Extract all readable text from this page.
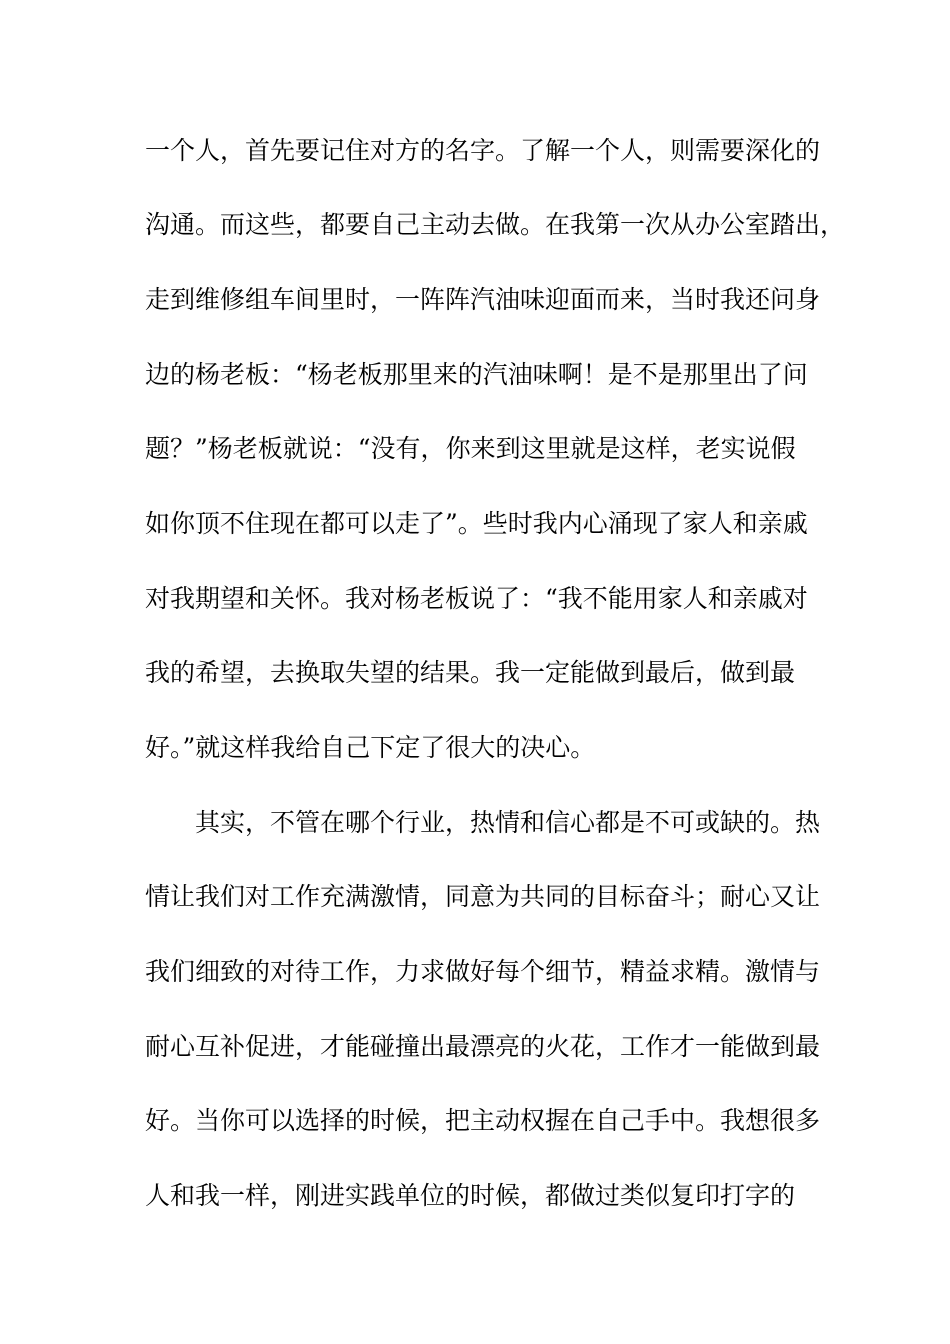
一个人，首先要记住对方的名字。了解一个人，则需要深化的
沟通。而这些，都要自己主动去做。在我第一次从办公室踏出，
走到维修组车间里时，一阵阵汽油味迎面而来，当时我还问身
边的杨老板：“杨老板那里来的汽油味啊！是不是那里出了问
题？”杨老板就说：“没有，你来到这里就是这样，老实说假
如你顶不住现在都可以走了”。些时我内心涌现了家人和亲戚
对我期望和关怀。我对杨老板说了：“我不能用家人和亲戚对
我的希望，去换取失望的结果。我一定能做到最后，做到最
好。”就这样我给自己下定了很大的决心。
其实，不管在哪个行业，热情和信心都是不可或缺的。热
情让我们对工作充满激情，同意为共同的目标奋斗；耐心又让
我们细致的对待工作，力求做好每个细节，精益求精。激情与
耐心互补促进，才能碰撞出最漂亮的火花，工作才一能做到最
好。当你可以选择的时候，把主动权握在自己手中。我想很多
人和我一样，刚进实践单位的时候，都做过类似复印打字的
